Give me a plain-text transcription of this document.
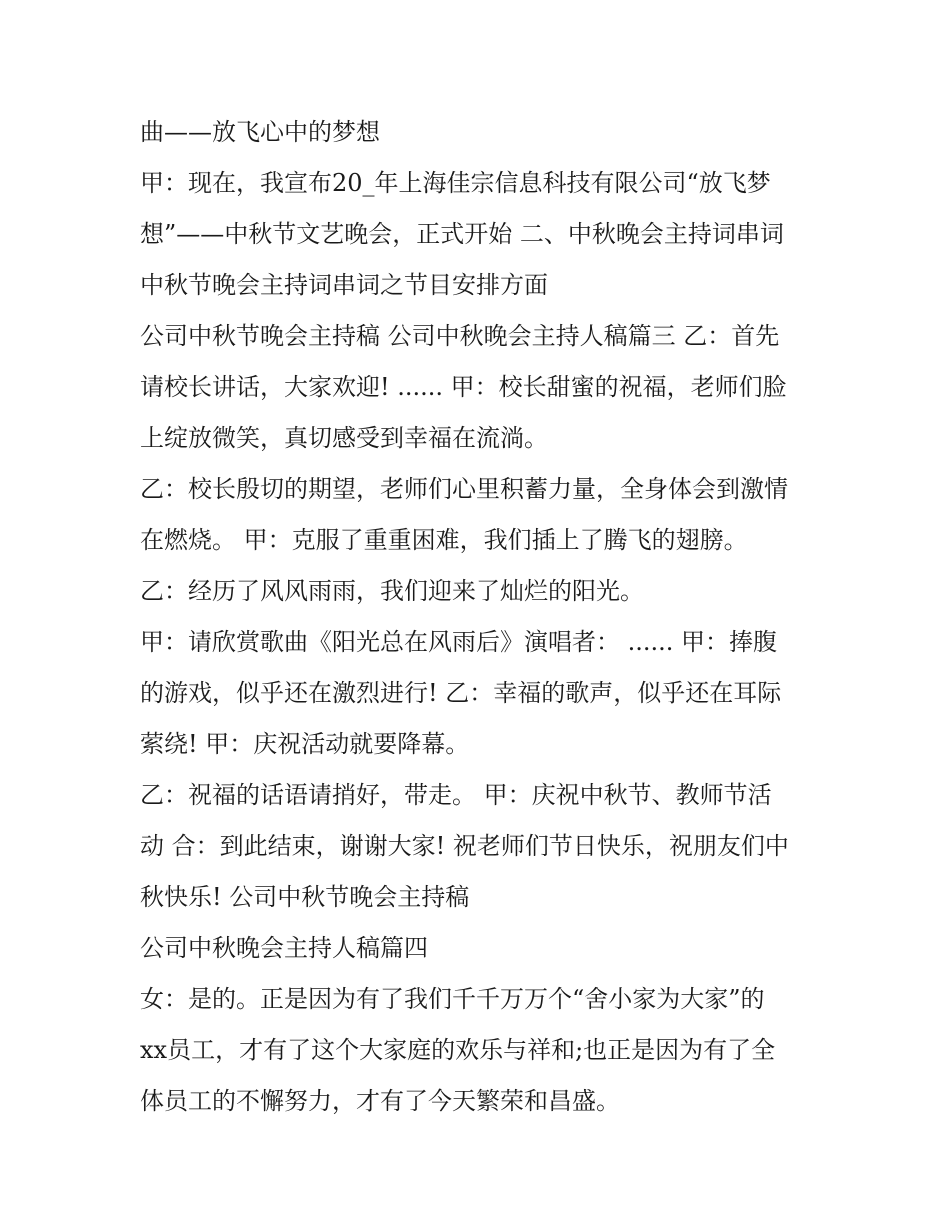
曲——放飞心中的梦想
甲：现在，我宣布20_年上海佳宗信息科技有限公司“放飞梦
想”——中秋节文艺晚会，正式开始 二、中秋晚会主持词串词
中秋节晚会主持词串词之节目安排方面
公司中秋节晚会主持稿 公司中秋晚会主持人稿篇三 乙：首先
请校长讲话，大家欢迎! ...... 甲：校长甜蜜的祝福，老师们脸
上绽放微笑，真切感受到幸福在流淌。
乙：校长殷切的期望，老师们心里积蓄力量，全身体会到激情
在燃烧。 甲：克服了重重困难，我们插上了腾飞的翅膀。
乙：经历了风风雨雨，我们迎来了灿烂的阳光。
甲：请欣赏歌曲《阳光总在风雨后》演唱者： ...... 甲：捧腹
的游戏，似乎还在激烈进行! 乙：幸福的歌声，似乎还在耳际
萦绕! 甲：庆祝活动就要降幕。
乙：祝福的话语请捎好，带走。 甲：庆祝中秋节、教师节活
动 合：到此结束，谢谢大家! 祝老师们节日快乐，祝朋友们中
秋快乐! 公司中秋节晚会主持稿
公司中秋晚会主持人稿篇四
女：是的。正是因为有了我们千千万万个“舍小家为大家”的
xx员工，才有了这个大家庭的欢乐与祥和;也正是因为有了全
体员工的不懈努力，才有了今天繁荣和昌盛。
